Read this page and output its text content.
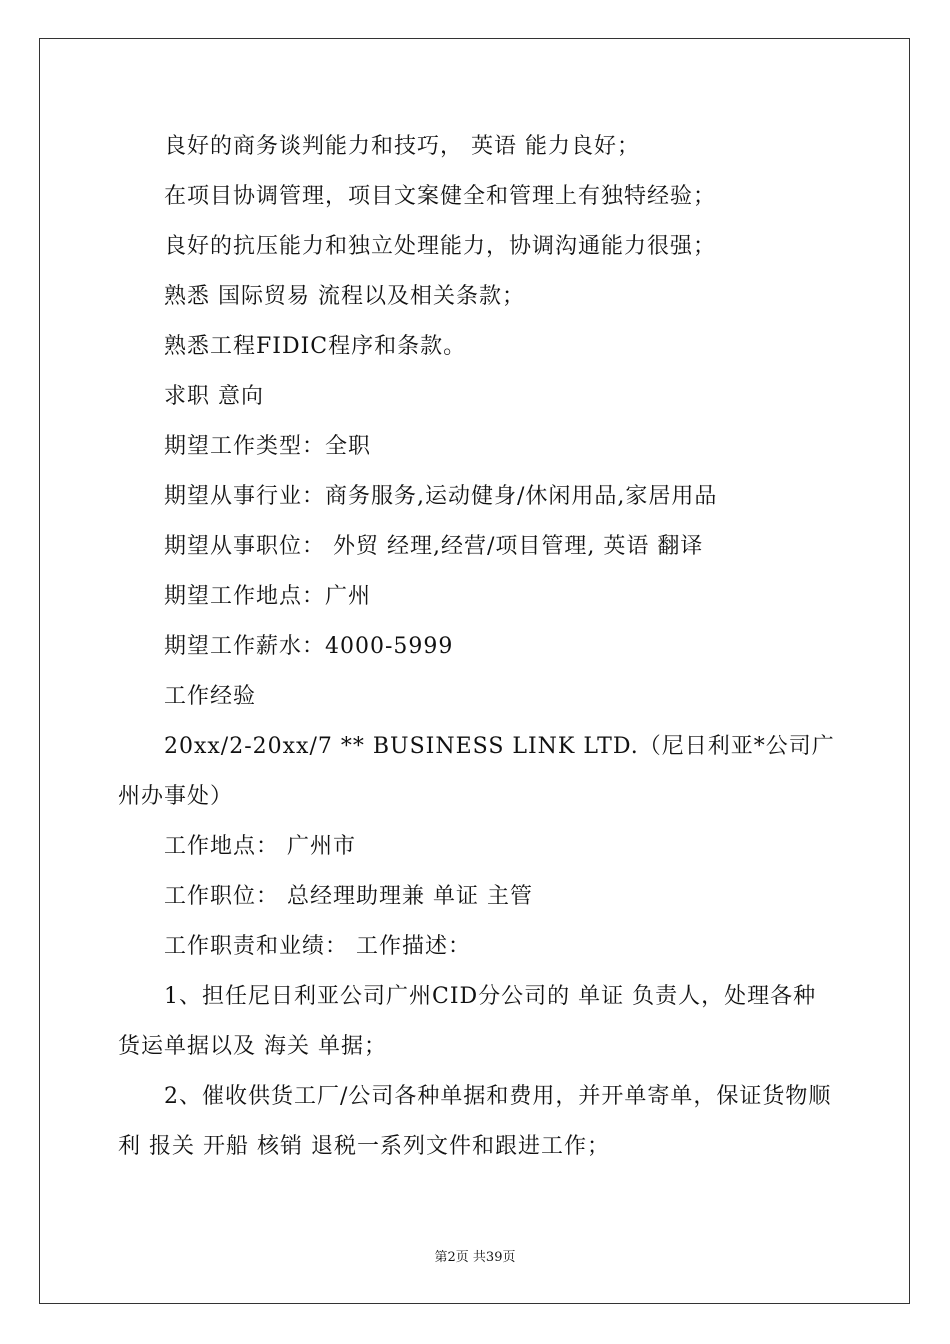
良好的商务谈判能力和技巧， 英语 能力良好；

在项目协调管理，项目文案健全和管理上有独特经验；

良好的抗压能力和独立处理能力，协调沟通能力很强；

熟悉 国际贸易 流程以及相关条款；

熟悉工程FIDIC程序和条款。

求职 意向

期望工作类型：全职

期望从事行业：商务服务,运动健身/休闲用品,家居用品

期望从事职位： 外贸 经理,经营/项目管理, 英语 翻译

期望工作地点：广州

期望工作薪水：4000-5999

工作经验

20xx/2-20xx/7 ** BUSINESS LINK LTD.（尼日利亚*公司广州办事处）

工作地点： 广州市

工作职位： 总经理助理兼 单证 主管

工作职责和业绩： 工作描述：

1、担任尼日利亚公司广州CID分公司的 单证 负责人，处理各种货运单据以及 海关 单据；

2、催收供货工厂/公司各种单据和费用，并开单寄单，保证货物顺利 报关 开船 核销 退税一系列文件和跟进工作；

第2页 共39页
